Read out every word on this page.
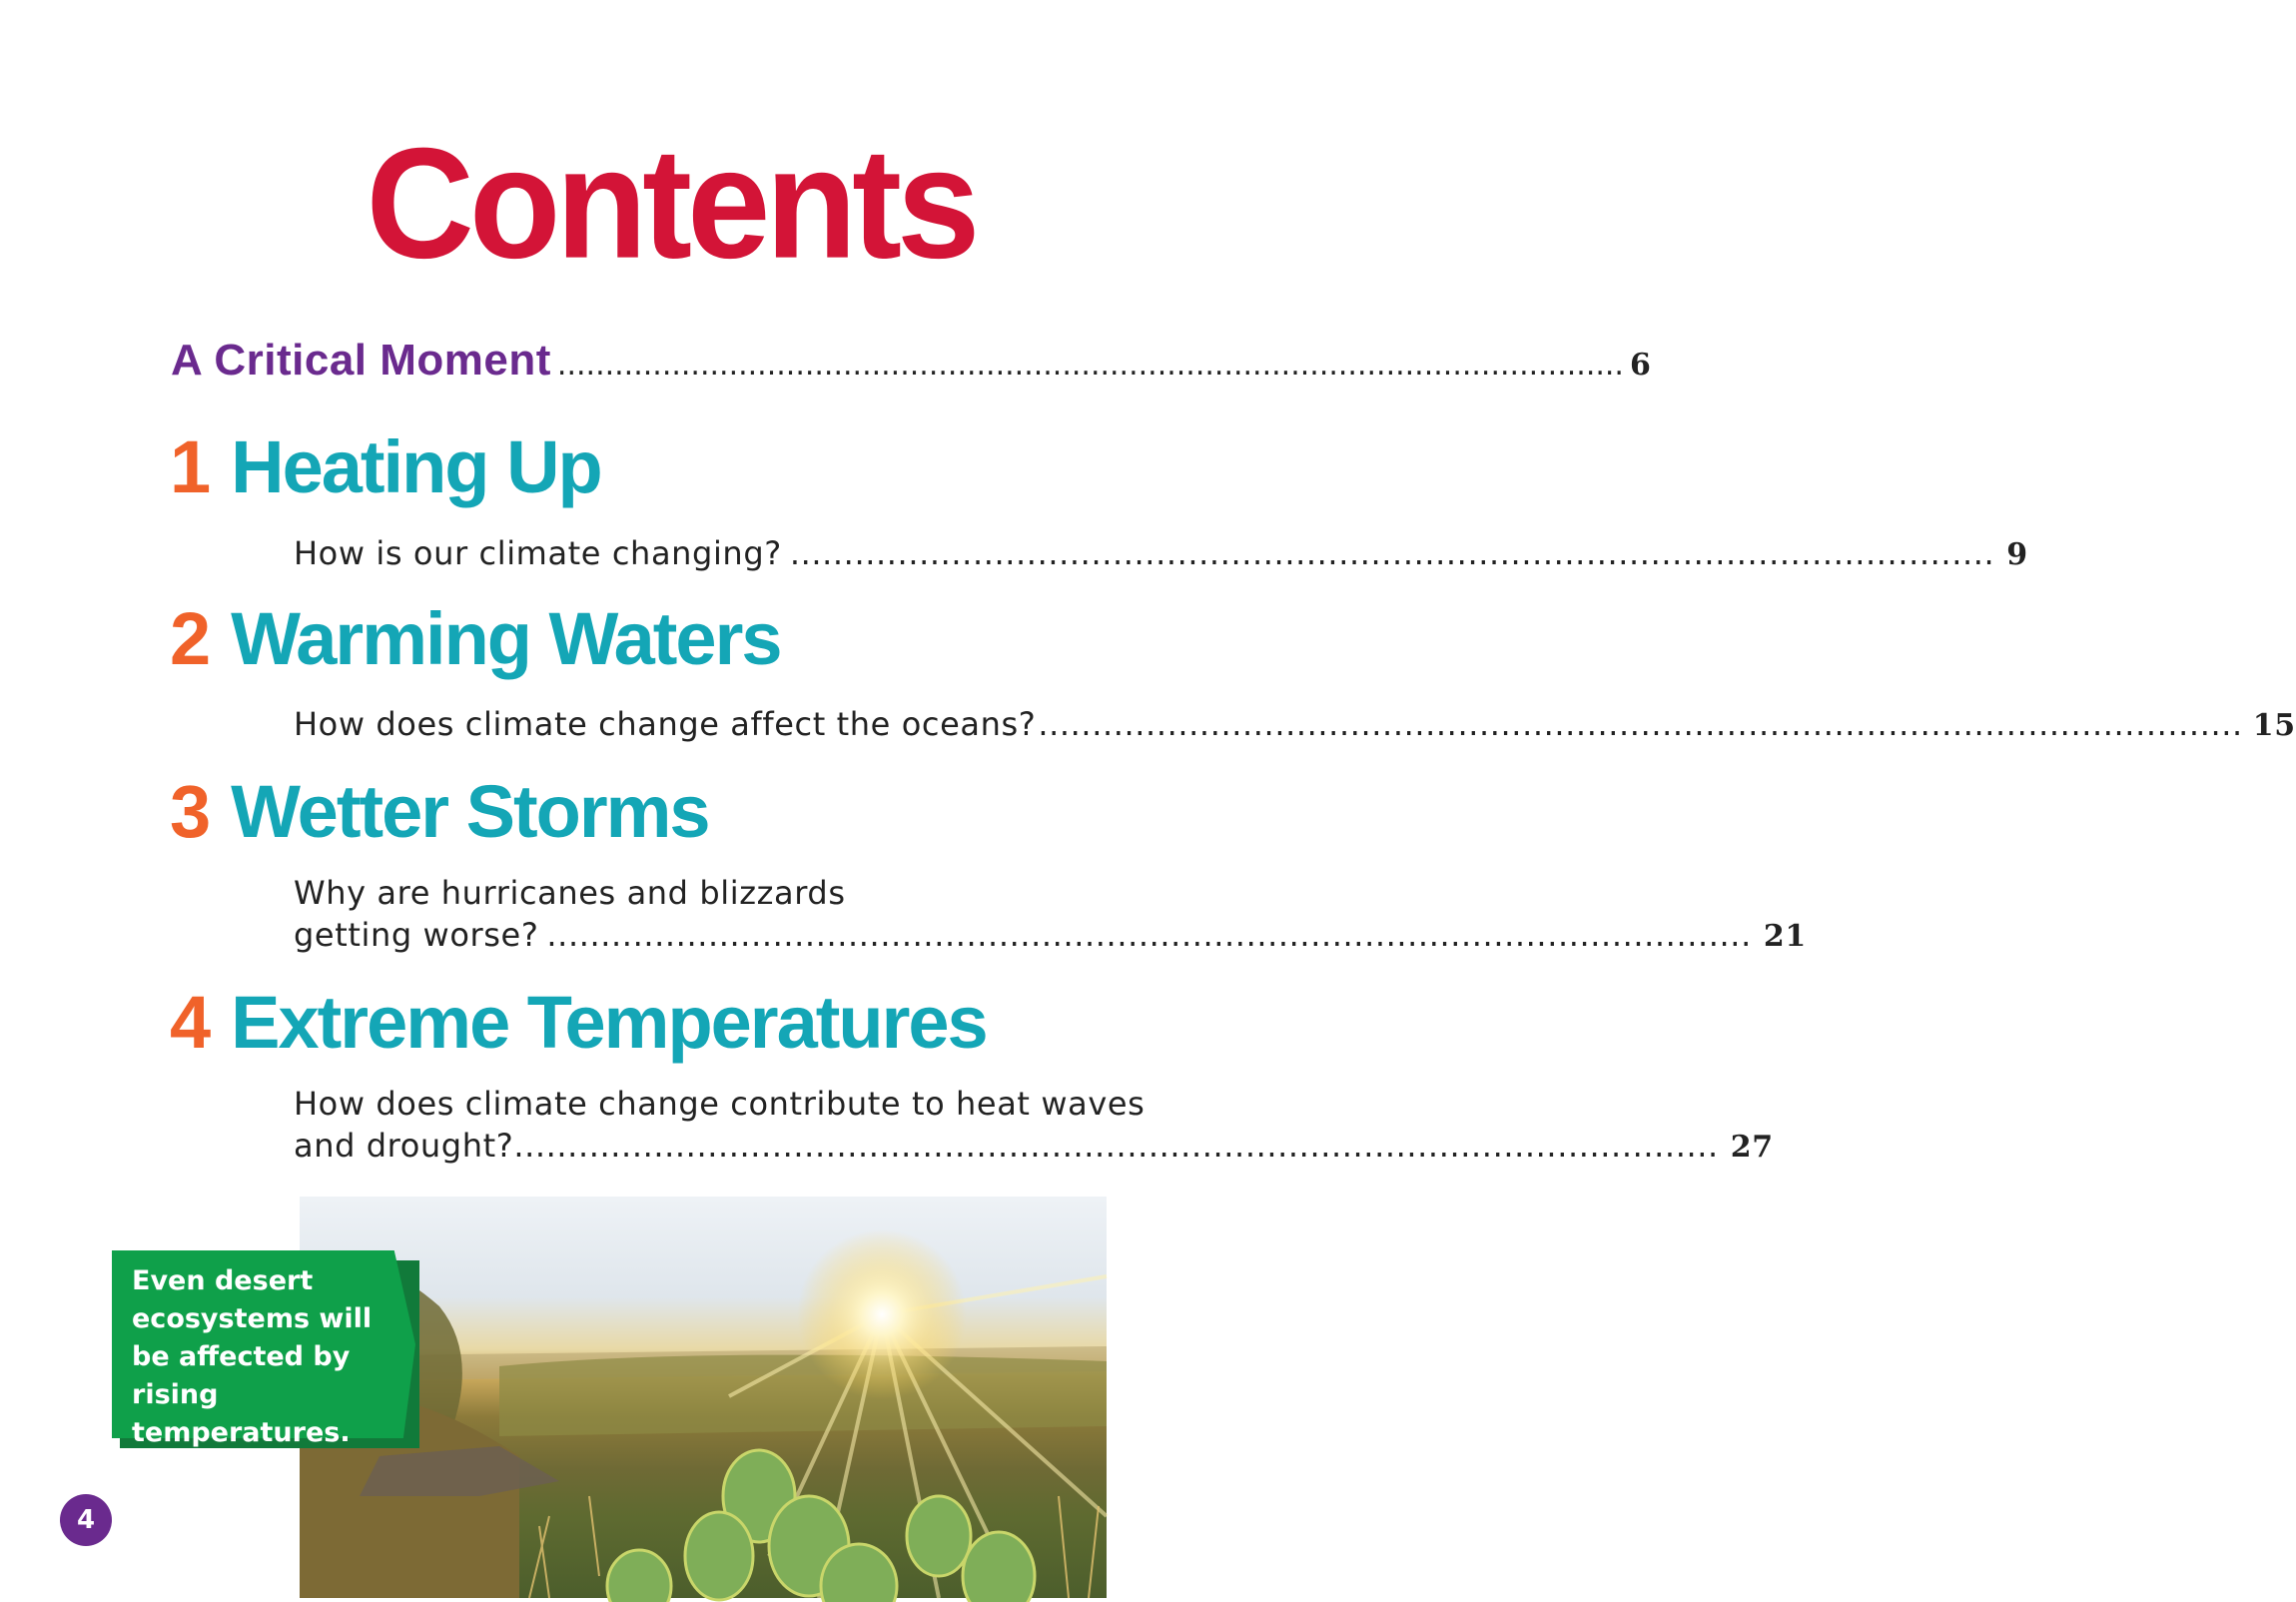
Contents
A Critical Moment ................................................................................................................ 6
1 Heating Up
How is our climate changing? ................................................................................................................ 9
2 Warming Waters
How does climate change affect the oceans? ................................................................................................................ 15
3 Wetter Storms
Why are hurricanes and blizzards
getting worse? ................................................................................................................ 21
4 Extreme Temperatures
How does climate change contribute to heat waves
and drought? ................................................................................................................ 27
Even desert ecosystems will be affected by rising temperatures.
4
